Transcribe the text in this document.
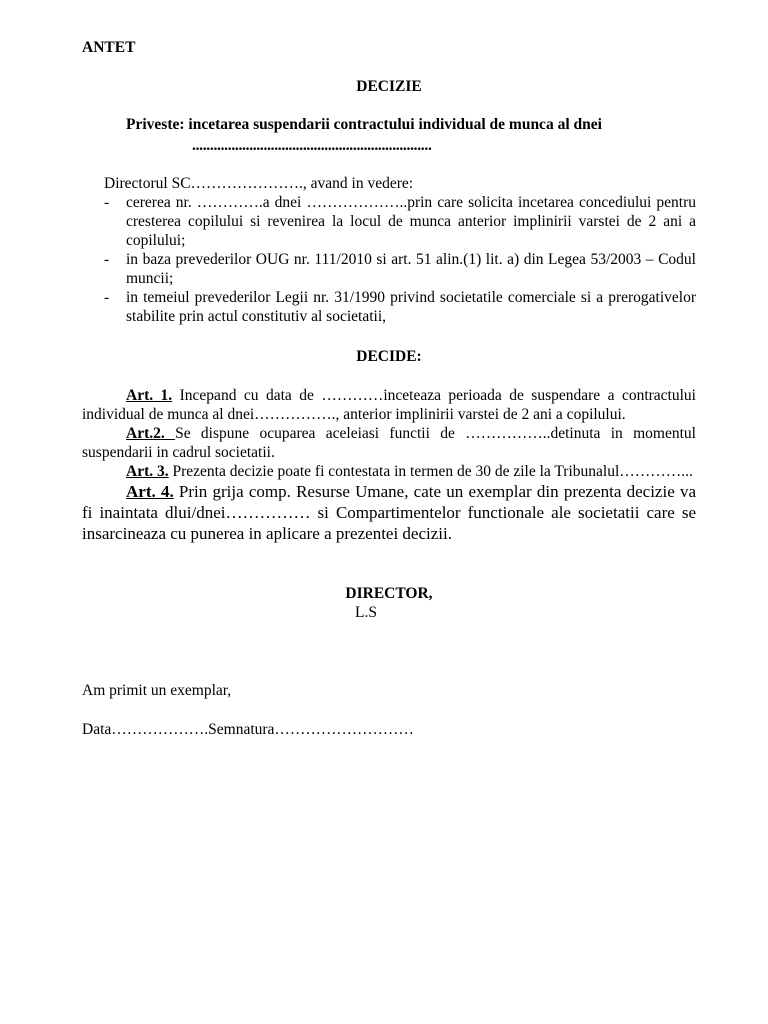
ANTET
DECIZIE
Priveste: incetarea suspendarii contractului individual de munca al dnei
...................................................................
Directorul SC…………………., avand in vedere:
- cererea nr. ………….a dnei ………………..prin care solicita incetarea concediului pentru cresterea copilului si revenirea la locul de munca anterior implinirii varstei de 2 ani a copilului;
- in baza prevederilor OUG nr. 111/2010 si art. 51 alin.(1) lit. a) din Legea 53/2003 – Codul muncii;
- in temeiul prevederilor Legii nr. 31/1990 privind societatile comerciale si a prerogativelor stabilite prin actul constitutiv al societatii,
DECIDE:

Art. 1. Incepand cu data de …………inceteaza perioada de suspendare a contractului individual de munca al dnei……………., anterior implinirii varstei de 2 ani a copilului.

Art.2. Se dispune ocuparea aceleiasi functii de ……………..detinuta in momentul suspendarii in cadrul societatii.

Art. 3. Prezenta decizie poate fi contestata in termen de 30 de zile la Tribunalul…………...

Art. 4. Prin grija comp. Resurse Umane, cate un exemplar din prezenta decizie va fi inaintata dlui/dnei…………… si Compartimentelor functionale ale societatii care se insarcineaza cu punerea in aplicare a prezentei decizii.

DIRECTOR,
L.S
Am primit un exemplar,
Data……………….Semnatura………………………
